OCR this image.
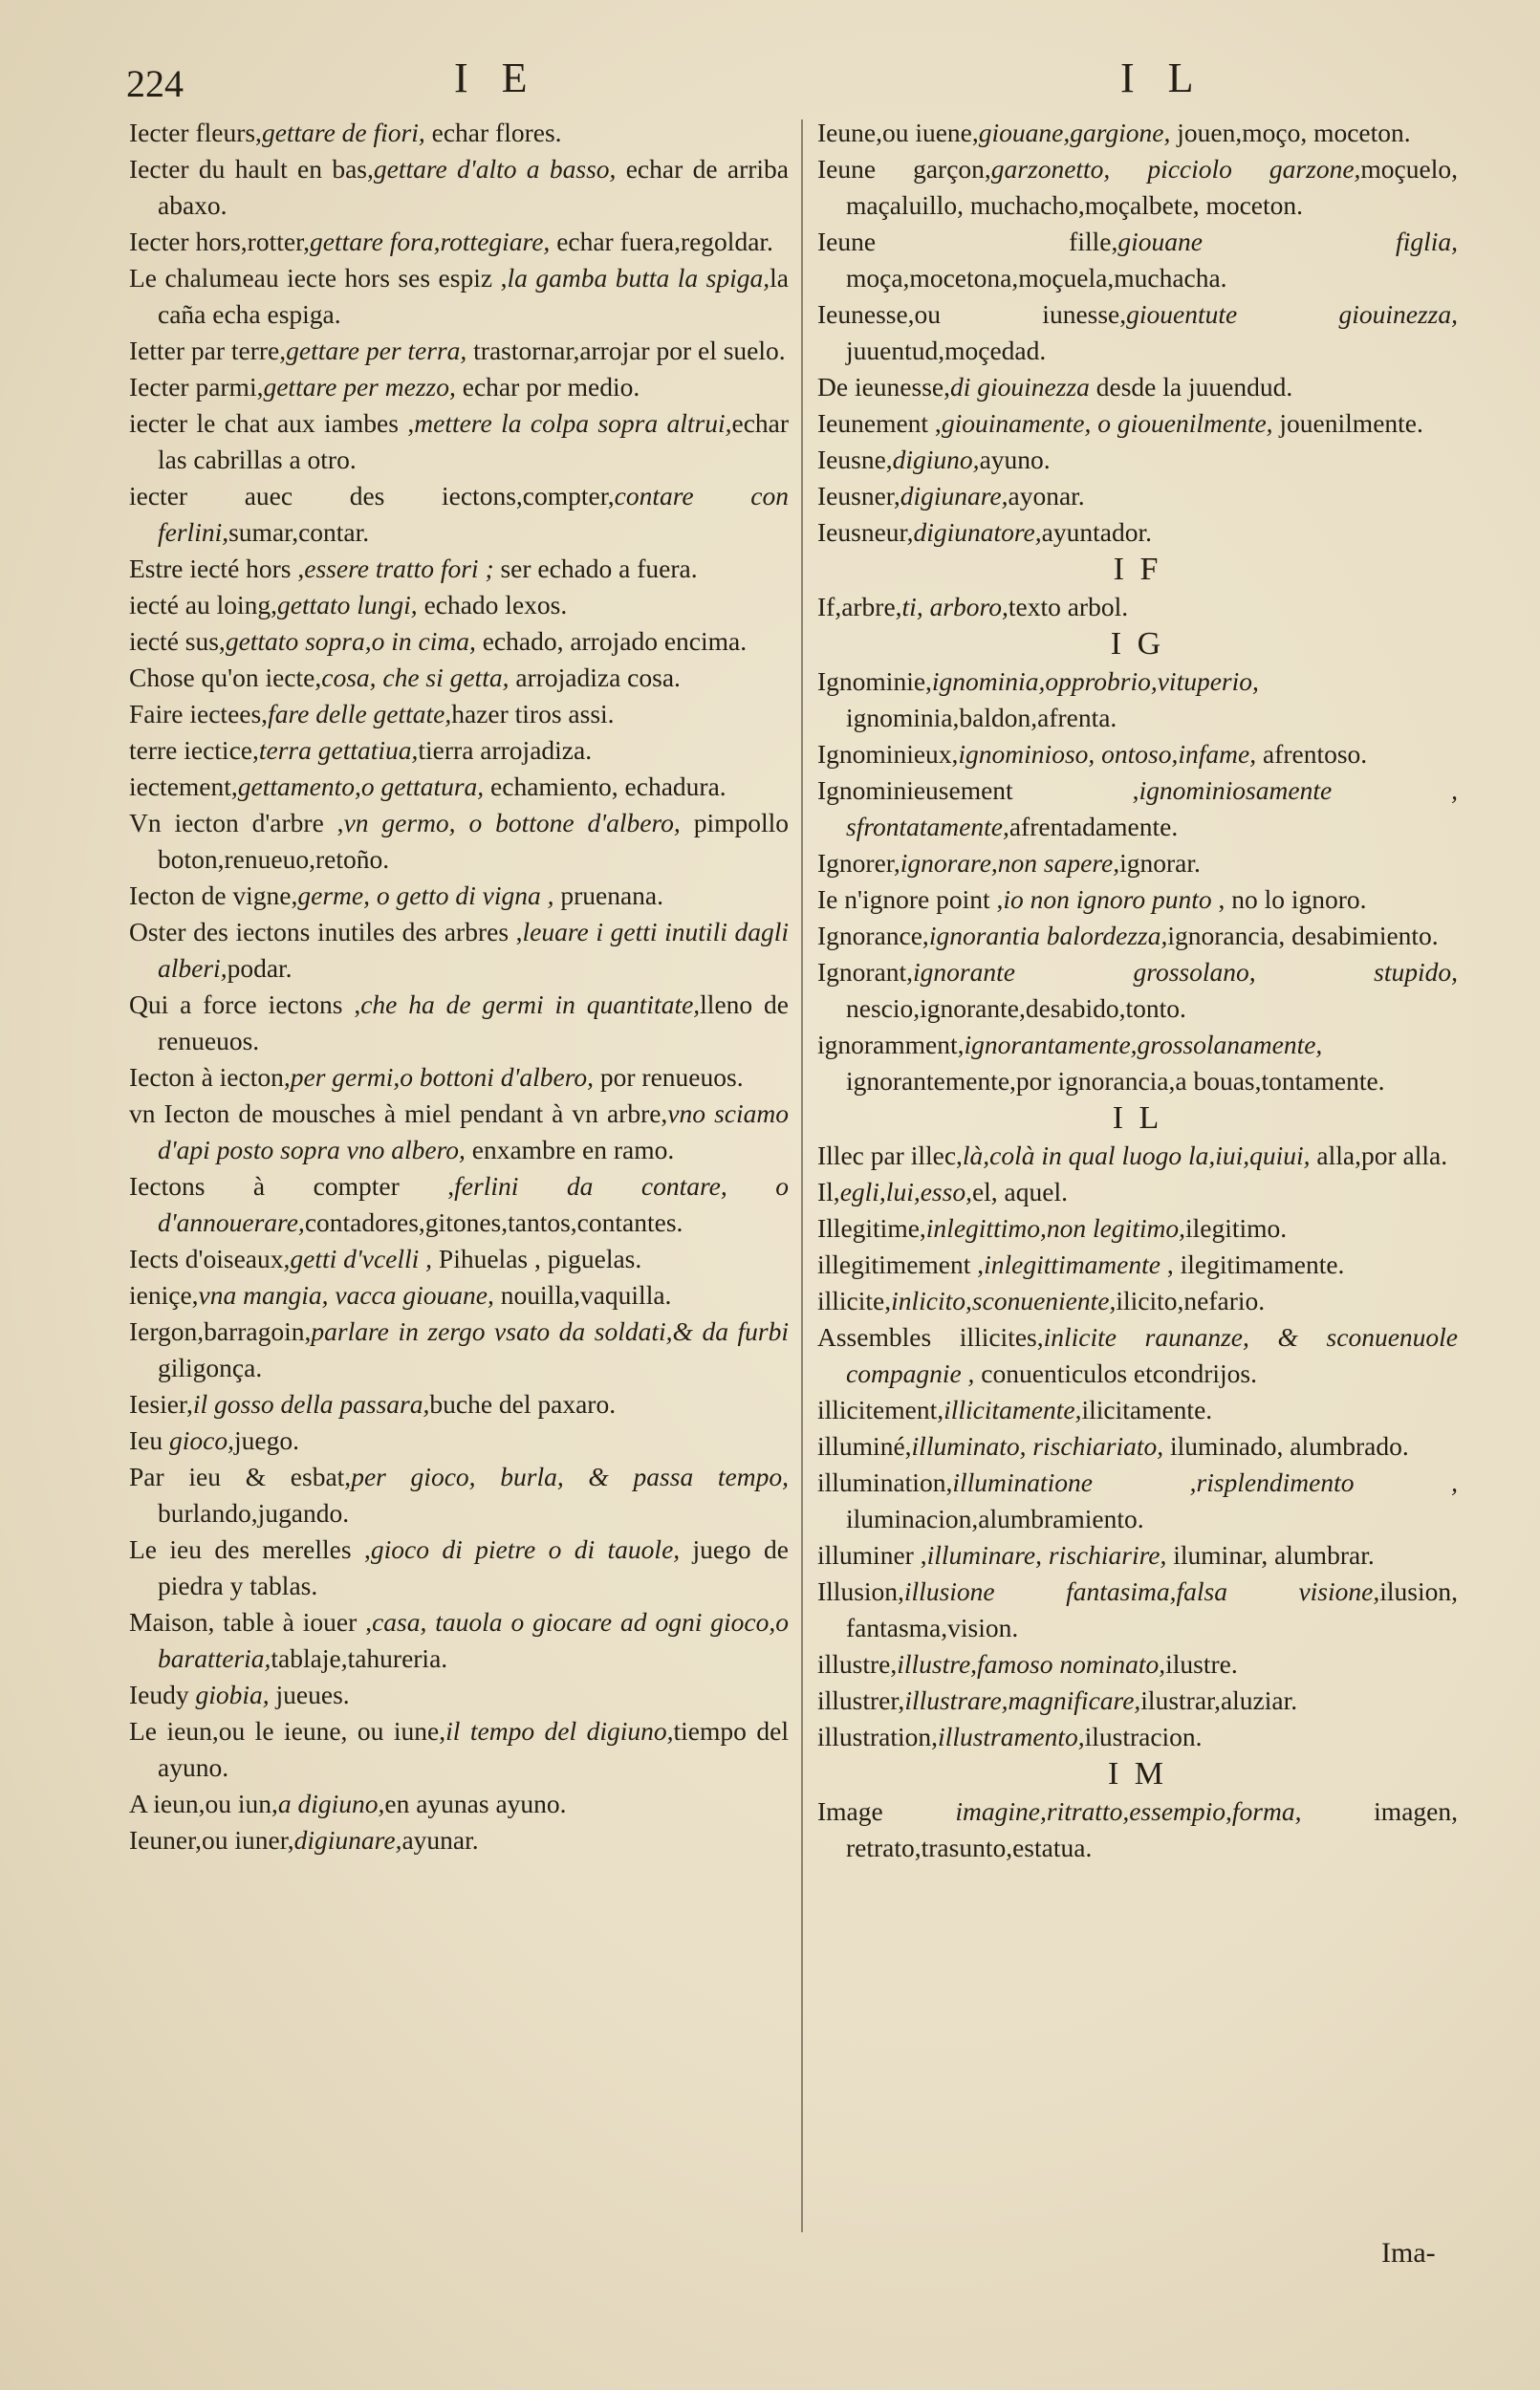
224	I E	I L
Iecter fleurs,gettare de fiori, echar flores.
Iecter du hault en bas,gettare d'alto a basso, echar de arriba abaxo.
Iecter hors,rotter,gettare fora,rottegiare, echar fuera,regoldar.
Le chalumeau iecte hors ses espiz ,la gamba butta la spiga,la caña echa espiga.
Ietter par terre,gettare per terra, trastornar,arrojar por el suelo.
Iecter parmi,gettare per mezzo, echar por medio.
iecter le chat aux iambes ,mettere la colpa sopra altrui,echar las cabrillas a otro.
iecter auec des iectons,compter,contare con ferlini,sumar,contar.
Estre iecté hors ,essere tratto fori ; ser echado a fuera.
iecté au loing,gettato lungi, echado lexos.
iecté sus,gettato sopra,o in cima, echado, arrojado encima.
Chose qu'on iecte,cosa, che si getta, arrojadiza cosa.
Faire iectees,fare delle gettate,hazer tiros assi.
terre iectice,terra gettatiua,tierra arrojadiza.
iectement,gettamento,o gettatura, echamiento, echadura.
Vn iecton d'arbre ,vn germo, o bottone d'albero, pimpollo boton,renueuo,retoño.
Iecton de vigne,germe, o getto di vigna , pruenana.
Oster des iectons inutiles des arbres ,leuare i getti inutili dagli alberi,podar.
Qui a force iectons ,che ha de germi in quantitate,lleno de renueuos.
Iecton à iecton,per germi,o bottoni d'albero, por renueuos.
vn Iecton de mousches à miel pendant à vn arbre,vno sciamo d'api posto sopra vno albero, enxambre en ramo.
Iectons à compter ,ferlini da contare, o d'annouerare,contadores,gitones,tantos,contantes.
Iects d'oiseaux,getti d'vcelli , Pihuelas , piguelas.
ieniçe,vna mangia, vacca giouane, nouilla,vaquilla.
Iergon,barragoin,parlare in zergo vsato da soldati,& da furbi giligonça.
Iesier,il gosso della passara,buche del paxaro.
Ieu gioco,juego.
Par ieu & esbat,per gioco, burla, & passa tempo, burlando,jugando.
Le ieu des merelles ,gioco di pietre o di tauole, juego de piedra y tablas.
Maison, table à iouer ,casa, tauola o giocare ad ogni gioco,o baratteria,tablaje,tahureria.
Ieudy giobia, jueues.
Le ieun,ou le ieune, ou iune,il tempo del digiuno,tiempo del ayuno.
A ieun,ou iun,a digiuno,en ayunas ayuno.
Ieuner,ou iuner,digiunare,ayunar.
Ieune,ou iuene,giouane,gargione, jouen,moço, moceton.
Ieune garçon,garzonetto, picciolo garzone,moçuelo, maçaluillo, muchacho,moçalbete, moceton.
Ieune fille,giouane figlia, moça,mocetona,moçuela,muchacha.
Ieunesse,ou iunesse,giouentute giouinezza, juuentud,moçedad.
De ieunesse,di giouinezza desde la juuendud.
Ieunement ,giouinamente, o giouenilmente, jouenilmente.
Ieusne,digiuno,ayuno.
Ieusner,digiunare,ayonar.
Ieusneur,digiunatore,ayuntador.
I F
If,arbre,ti, arboro,texto arbol.
I G
Ignominie,ignominia,opprobrio,vituperio, ignominia,baldon,afrenta.
Ignominieux,ignominioso, ontoso,infame, afrentoso.
Ignominieusement ,ignominiosamente , sfrontatamente,afrentadamente.
Ignorer,ignorare,non sapere,ignorar.
Ie n'ignore point ,io non ignoro punto , no lo ignoro.
Ignorance,ignorantia balordezza,ignorancia, desabimiento.
Ignorant,ignorante grossolano, stupido, nescio,ignorante,desabido,tonto.
ignoramment,ignorantamente,grossolanamente, ignorantemente,por ignorancia,a bouas,tontamente.
I L
Illec par illec,là,colà in qual luogo la,iui,quiui, alla,por alla.
Il,egli,lui,esso,el, aquel.
Illegitime,inlegittimo,non legitimo,ilegitimo.
illegitimement ,inlegittimamente , ilegitimamente.
illicite,inlicito,sconueniente,ilicito,nefario.
Assembles illicites,inlicite raunanze, & sconuenuole compagnie , conuenticulos etcondrijos.
illicitement,illicitamente,ilicitamente.
illuminé,illuminato, rischiariato, iluminado, alumbrado.
illumination,illuminatione ,risplendimento , iluminacion,alumbramiento.
illuminer ,illuminare, rischiarire, iluminar, alumbrar.
Illusion,illusione fantasima,falsa visione,ilusion, fantasma,vision.
illustre,illustre,famoso nominato,ilustre.
illustrer,illustrare,magnificare,ilustrar,aluziar.
illustration,illustramento,ilustracion.
I M
Image imagine,ritratto,essempio,forma, imagen, retrato,trasunto,estatua.
Ima-
